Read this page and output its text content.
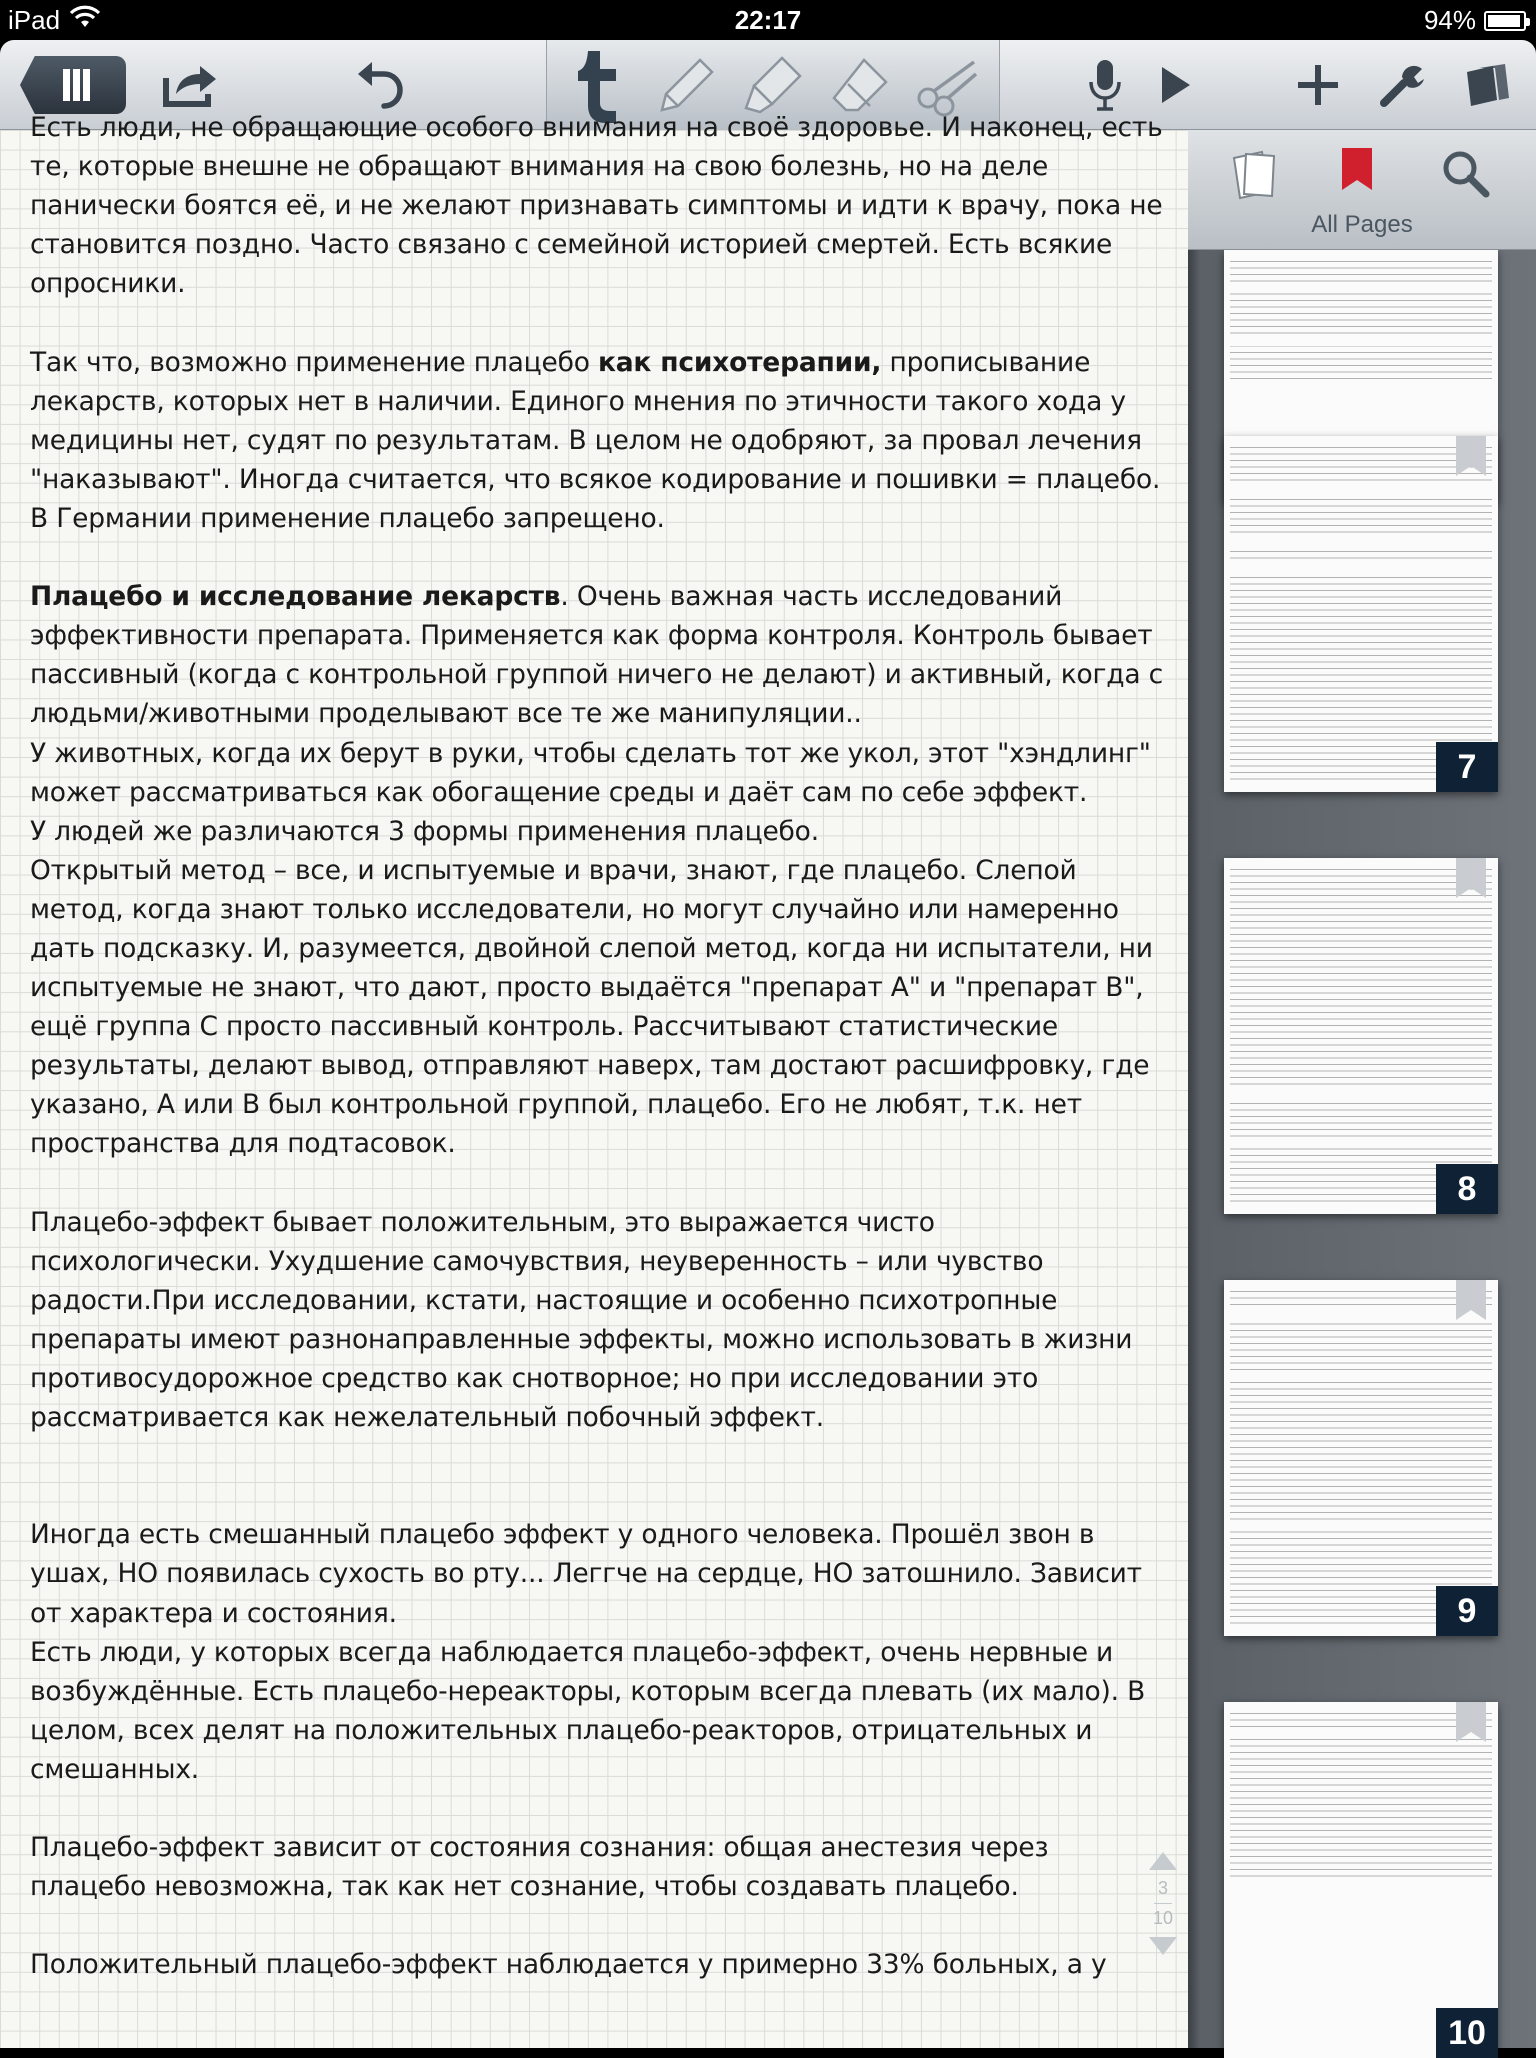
iPad	22:17	94%

Есть люди, не обращающие особого внимания на своё здоровье. И наконец, есть те, которые внешне не обращают внимания на свою болезнь, но на деле панически боятся её, и не желают признавать симптомы и идти к врачу, пока не становится поздно. Часто связано с семейной историей смертей. Есть всякие опросники.

Так что, возможно применение плацебо как психотерапии, прописывание лекарств, которых нет в наличии. Единого мнения по этичности такого хода у медицины нет, судят по результатам. В целом не одобряют, за провал лечения "наказывают". Иногда считается, что всякое кодирование и пошивки = плацебо.

В Германии применение плацебо запрещено.

Плацебо и исследование лекарств. Очень важная часть исследований эффективности препарата. Применяется как форма контроля. Контроль бывает пассивный (когда с контрольной группой ничего не делают) и активный, когда с людьми/животными проделывают все те же манипуляции..

У животных, когда их берут в руки, чтобы сделать тот же укол, этот "хэндлинг" может рассматриваться как обогащение среды и даёт сам по себе эффект.

У людей же различаются 3 формы применения плацебо.

Открытый метод – все, и испытуемые и врачи, знают, где плацебо. Слепой метод, когда знают только исследователи, но могут случайно или намеренно дать подсказку. И, разумеется, двойной слепой метод, когда ни испытатели, ни испытуемые не знают, что дают, просто выдаётся "препарат А" и "препарат В", ещё группа С просто пассивный контроль. Рассчитывают статистические результаты, делают вывод, отправляют наверх, там достают расшифровку, где указано, А или В был контрольной группой, плацебо. Его не любят, т.к. нет пространства для подтасовок.

Плацебо-эффект бывает положительным, это выражается чисто психологически. Ухудшение самочувствия, неуверенность – или чувство радости.При исследовании, кстати, настоящие и особенно психотропные препараты имеют разнонаправленные эффекты, можно использовать в жизни противосудорожное средство как снотворное; но при исследовании это рассматривается как нежелательный побочный эффект.

Иногда есть смешанный плацебо эффект у одного человека. Прошёл звон в ушах, НО появилась сухость во рту... Леггче на сердце, НО затошнило. Зависит от характера и состояния.

Есть люди, у которых всегда наблюдается плацебо-эффект, очень нервные и возбуждённые. Есть плацебо-нереакторы, которым всегда плевать (их мало). В целом, всех делят на положительных плацебо-реакторов, отрицательных и смешанных.

Плацебо-эффект зависит от состояния сознания: общая анестезия через плацебо невозможна, так как нет сознание, чтобы создавать плацебо.

Положительный плацебо-эффект наблюдается у примерно 33% больных, а у

3
10
7
8
9
10
All Pages
